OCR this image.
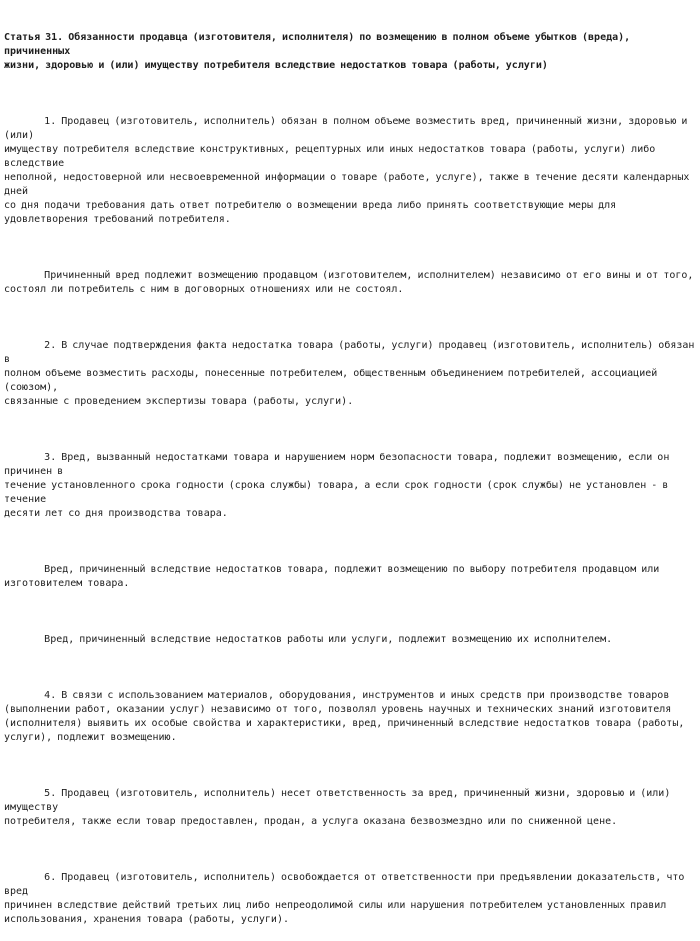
Статья 31. Обязанности продавца (изготовителя, исполнителя) по возмещению в полном объеме убытков (вреда), причиненных
жизни, здоровью и (или) имуществу потребителя вследствие недостатков товара (работы, услуги)

1. Продавец (изготовитель, исполнитель) обязан в полном объеме возместить вред, причиненный жизни, здоровью и (или)
имуществу потребителя вследствие конструктивных, рецептурных или иных недостатков товара (работы, услуги) либо вследствие
неполной, недостоверной или несвоевременной информации о товаре (работе, услуге), также в течение десяти календарных дней
со дня подачи требования дать ответ потребителю о возмещении вреда либо принять соответствующие меры для
удовлетворения требований потребителя.

Причиненный вред подлежит возмещению продавцом (изготовителем, исполнителем) независимо от его вины и от того,
состоял ли потребитель с ним в договорных отношениях или не состоял.

2. В случае подтверждения факта недостатка товара (работы, услуги) продавец (изготовитель, исполнитель) обязан в
полном объеме возместить расходы, понесенные потребителем, общественным объединением потребителей, ассоциацией (союзом),
связанные с проведением экспертизы товара (работы, услуги).

3. Вред, вызванный недостатками товара и нарушением норм безопасности товара, подлежит возмещению, если он причинен в
течение установленного срока годности (срока службы) товара, а если срок годности (срок службы) не установлен - в течение
десяти лет со дня производства товара.

Вред, причиненный вследствие недостатков товара, подлежит возмещению по выбору потребителя продавцом или
изготовителем товара.

Вред, причиненный вследствие недостатков работы или услуги, подлежит возмещению их исполнителем.

4. В связи с использованием материалов, оборудования, инструментов и иных средств при производстве товаров
(выполнении работ, оказании услуг) независимо от того, позволял уровень научных и технических знаний изготовителя
(исполнителя) выявить их особые свойства и характеристики, вред, причиненный вследствие недостатков товара (работы,
услуги), подлежит возмещению.

5. Продавец (изготовитель, исполнитель) несет ответственность за вред, причиненный жизни, здоровью и (или) имуществу
потребителя, также если товар предоставлен, продан, а услуга оказана безвозмездно или по сниженной цене.

6. Продавец (изготовитель, исполнитель) освобождается от ответственности при предъявлении доказательств, что вред
причинен вследствие действий третьих лиц либо непреодолимой силы или нарушения потребителем установленных правил
использования, хранения товара (работы, услуги).
